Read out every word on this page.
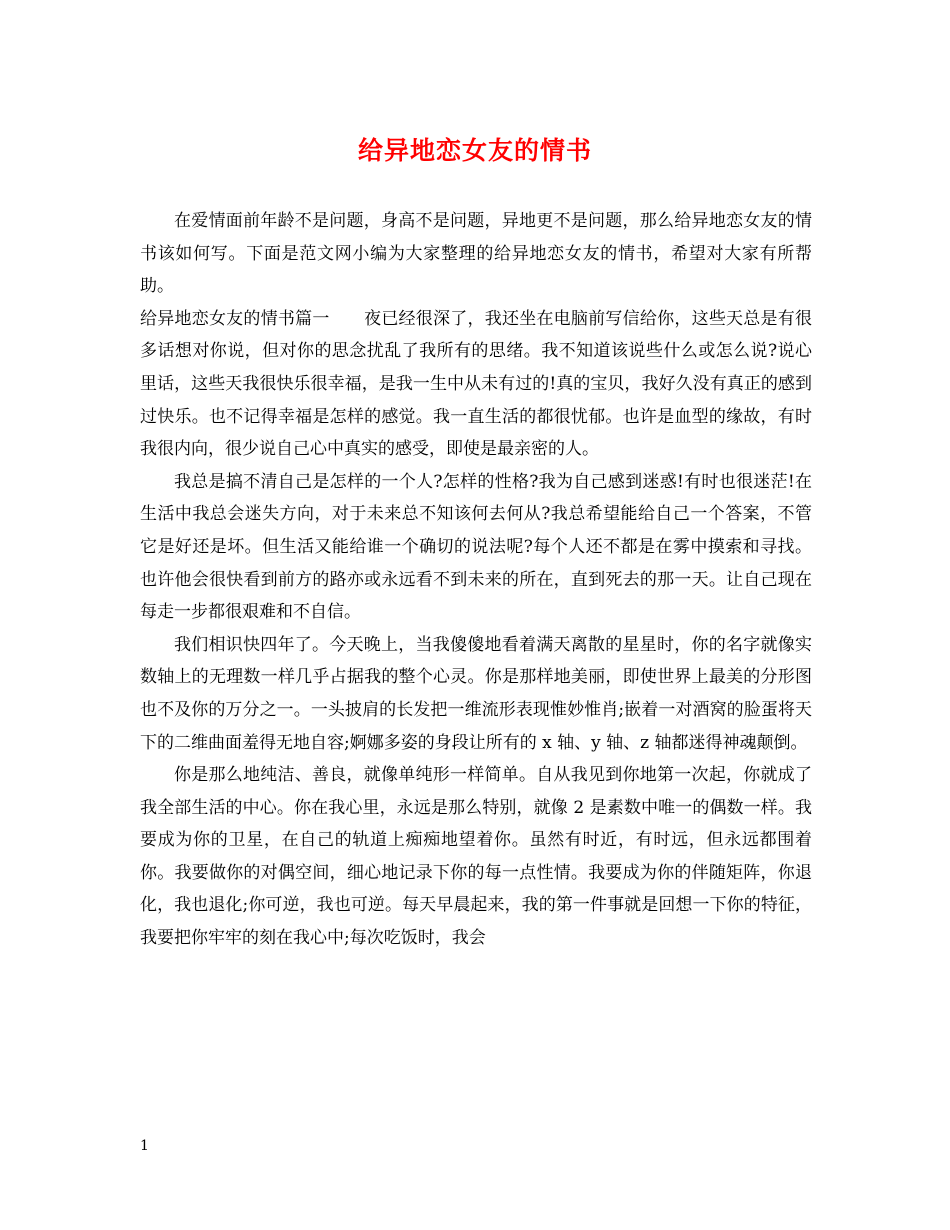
给异地恋女友的情书

在爱情面前年龄不是问题，身高不是问题，异地更不是问题，那么给异地恋女友的情书该如何写。下面是范文网小编为大家整理的给异地恋女友的情书，希望对大家有所帮助。

给异地恋女友的情书篇一　　夜已经很深了，我还坐在电脑前写信给你，这些天总是有很多话想对你说，但对你的思念扰乱了我所有的思绪。我不知道该说些什么或怎么说?说心里话，这些天我很快乐很幸福，是我一生中从未有过的!真的宝贝，我好久没有真正的感到过快乐。也不记得幸福是怎样的感觉。我一直生活的都很忧郁。也许是血型的缘故，有时我很内向，很少说自己心中真实的感受，即使是最亲密的人。

我总是搞不清自己是怎样的一个人?怎样的性格?我为自己感到迷惑!有时也很迷茫!在生活中我总会迷失方向，对于未来总不知该何去何从?我总希望能给自己一个答案，不管它是好还是坏。但生活又能给谁一个确切的说法呢?每个人还不都是在雾中摸索和寻找。也许他会很快看到前方的路亦或永远看不到未来的所在，直到死去的那一天。让自己现在每走一步都很艰难和不自信。

我们相识快四年了。今天晚上，当我傻傻地看着满天离散的星星时，你的名字就像实数轴上的无理数一样几乎占据我的整个心灵。你是那样地美丽，即使世界上最美的分形图也不及你的万分之一。一头披肩的长发把一维流形表现惟妙惟肖;嵌着一对酒窝的脸蛋将天下的二维曲面羞得无地自容;婀娜多姿的身段让所有的 x 轴、y 轴、z 轴都迷得神魂颠倒。

你是那么地纯洁、善良，就像单纯形一样简单。自从我见到你地第一次起，你就成了我全部生活的中心。你在我心里，永远是那么特别，就像 2 是素数中唯一的偶数一样。我要成为你的卫星，在自己的轨道上痴痴地望着你。虽然有时近，有时远，但永远都围着你。我要做你的对偶空间，细心地记录下你的每一点性情。我要成为你的伴随矩阵，你退化，我也退化;你可逆，我也可逆。每天早晨起来，我的第一件事就是回想一下你的特征，我要把你牢牢的刻在我心中;每次吃饭时，我会

1
